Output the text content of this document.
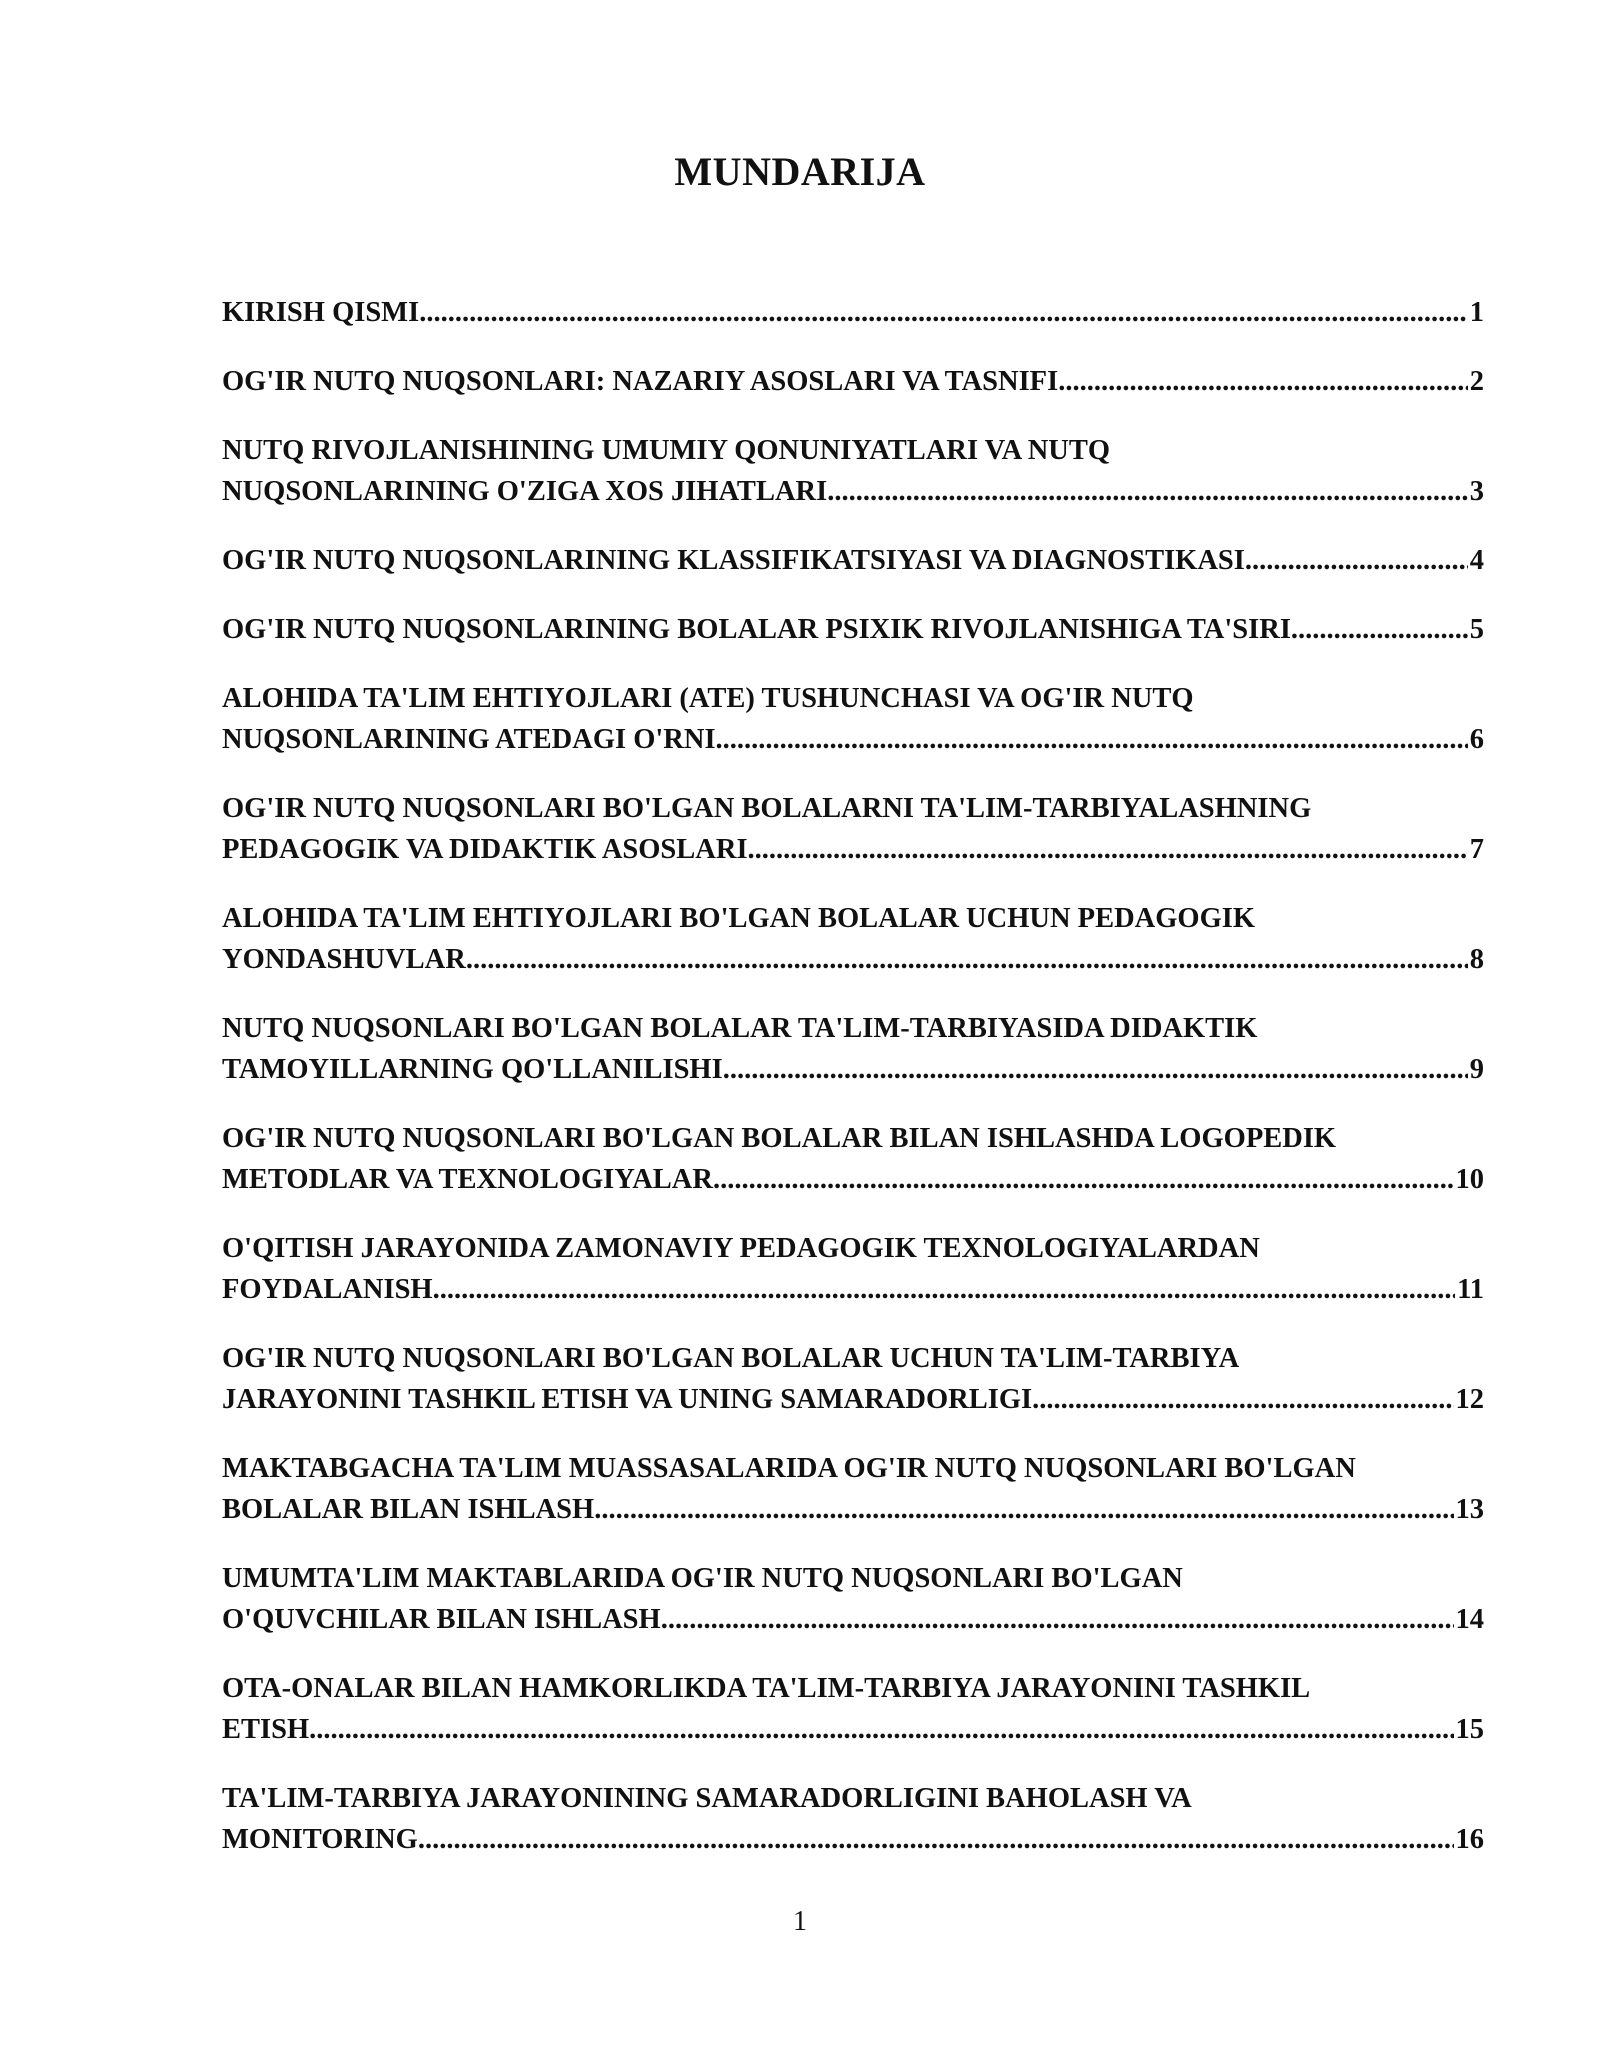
MUNDARIJA
KIRISH QISMI .....	1
OG'IR NUTQ NUQSONLARI: NAZARIY ASOSLARI VA TASNIFI .....	2
NUTQ RIVOJLANISHINING UMUMIY QONUNIYATLARI VA NUTQ
NUQSONLARINING O'ZIGA XOS JIHATLARI .....	3
OG'IR NUTQ NUQSONLARINING KLASSIFIKATSIYASI VA DIAGNOSTIKASI .....	4
OG'IR NUTQ NUQSONLARINING BOLALAR PSIXIK RIVOJLANISHIGA TA'SIRI .....	5
ALOHIDA TA'LIM EHTIYOJLARI (ATE) TUSHUNCHASI VA OG'IR NUTQ
NUQSONLARINING ATEDAGI O'RNI .....	6
OG'IR NUTQ NUQSONLARI BO'LGAN BOLALARNI TA'LIM-TARBIYALASHNING
PEDAGOGIK VA DIDAKTIK ASOSLARI .....	7
ALOHIDA TA'LIM EHTIYOJLARI BO'LGAN BOLALAR UCHUN PEDAGOGIK
YONDASHUVLAR .....	8
NUTQ NUQSONLARI BO'LGAN BOLALAR TA'LIM-TARBIYASIDA DIDAKTIK
TAMOYILLARNING QO'LLANILISHI .....	9
OG'IR NUTQ NUQSONLARI BO'LGAN BOLALAR BILAN ISHLASHDA LOGOPEDIK
METODLAR VA TEXNOLOGIYALAR .....	10
O'QITISH JARAYONIDA ZAMONAVIY PEDAGOGIK TEXNOLOGIYALARDAN
FOYDALANISH .....	11
OG'IR NUTQ NUQSONLARI BO'LGAN BOLALAR UCHUN TA'LIM-TARBIYA
JARAYONINI TASHKIL ETISH VA UNING SAMARADORLIGI .....	12
MAKTABGACHA TA'LIM MUASSASALARIDA OG'IR NUTQ NUQSONLARI BO'LGAN
BOLALAR BILAN ISHLASH .....	13
UMUMTA'LIM MAKTABLARIDA OG'IR NUTQ NUQSONLARI BO'LGAN
O'QUVCHILAR BILAN ISHLASH .....	14
OTA-ONALAR BILAN HAMKORLIKDA TA'LIM-TARBIYA JARAYONINI TASHKIL
ETISH .....	15
TA'LIM-TARBIYA JARAYONINING SAMARADORLIGINI BAHOLASH VA
MONITORING .....	16
1
